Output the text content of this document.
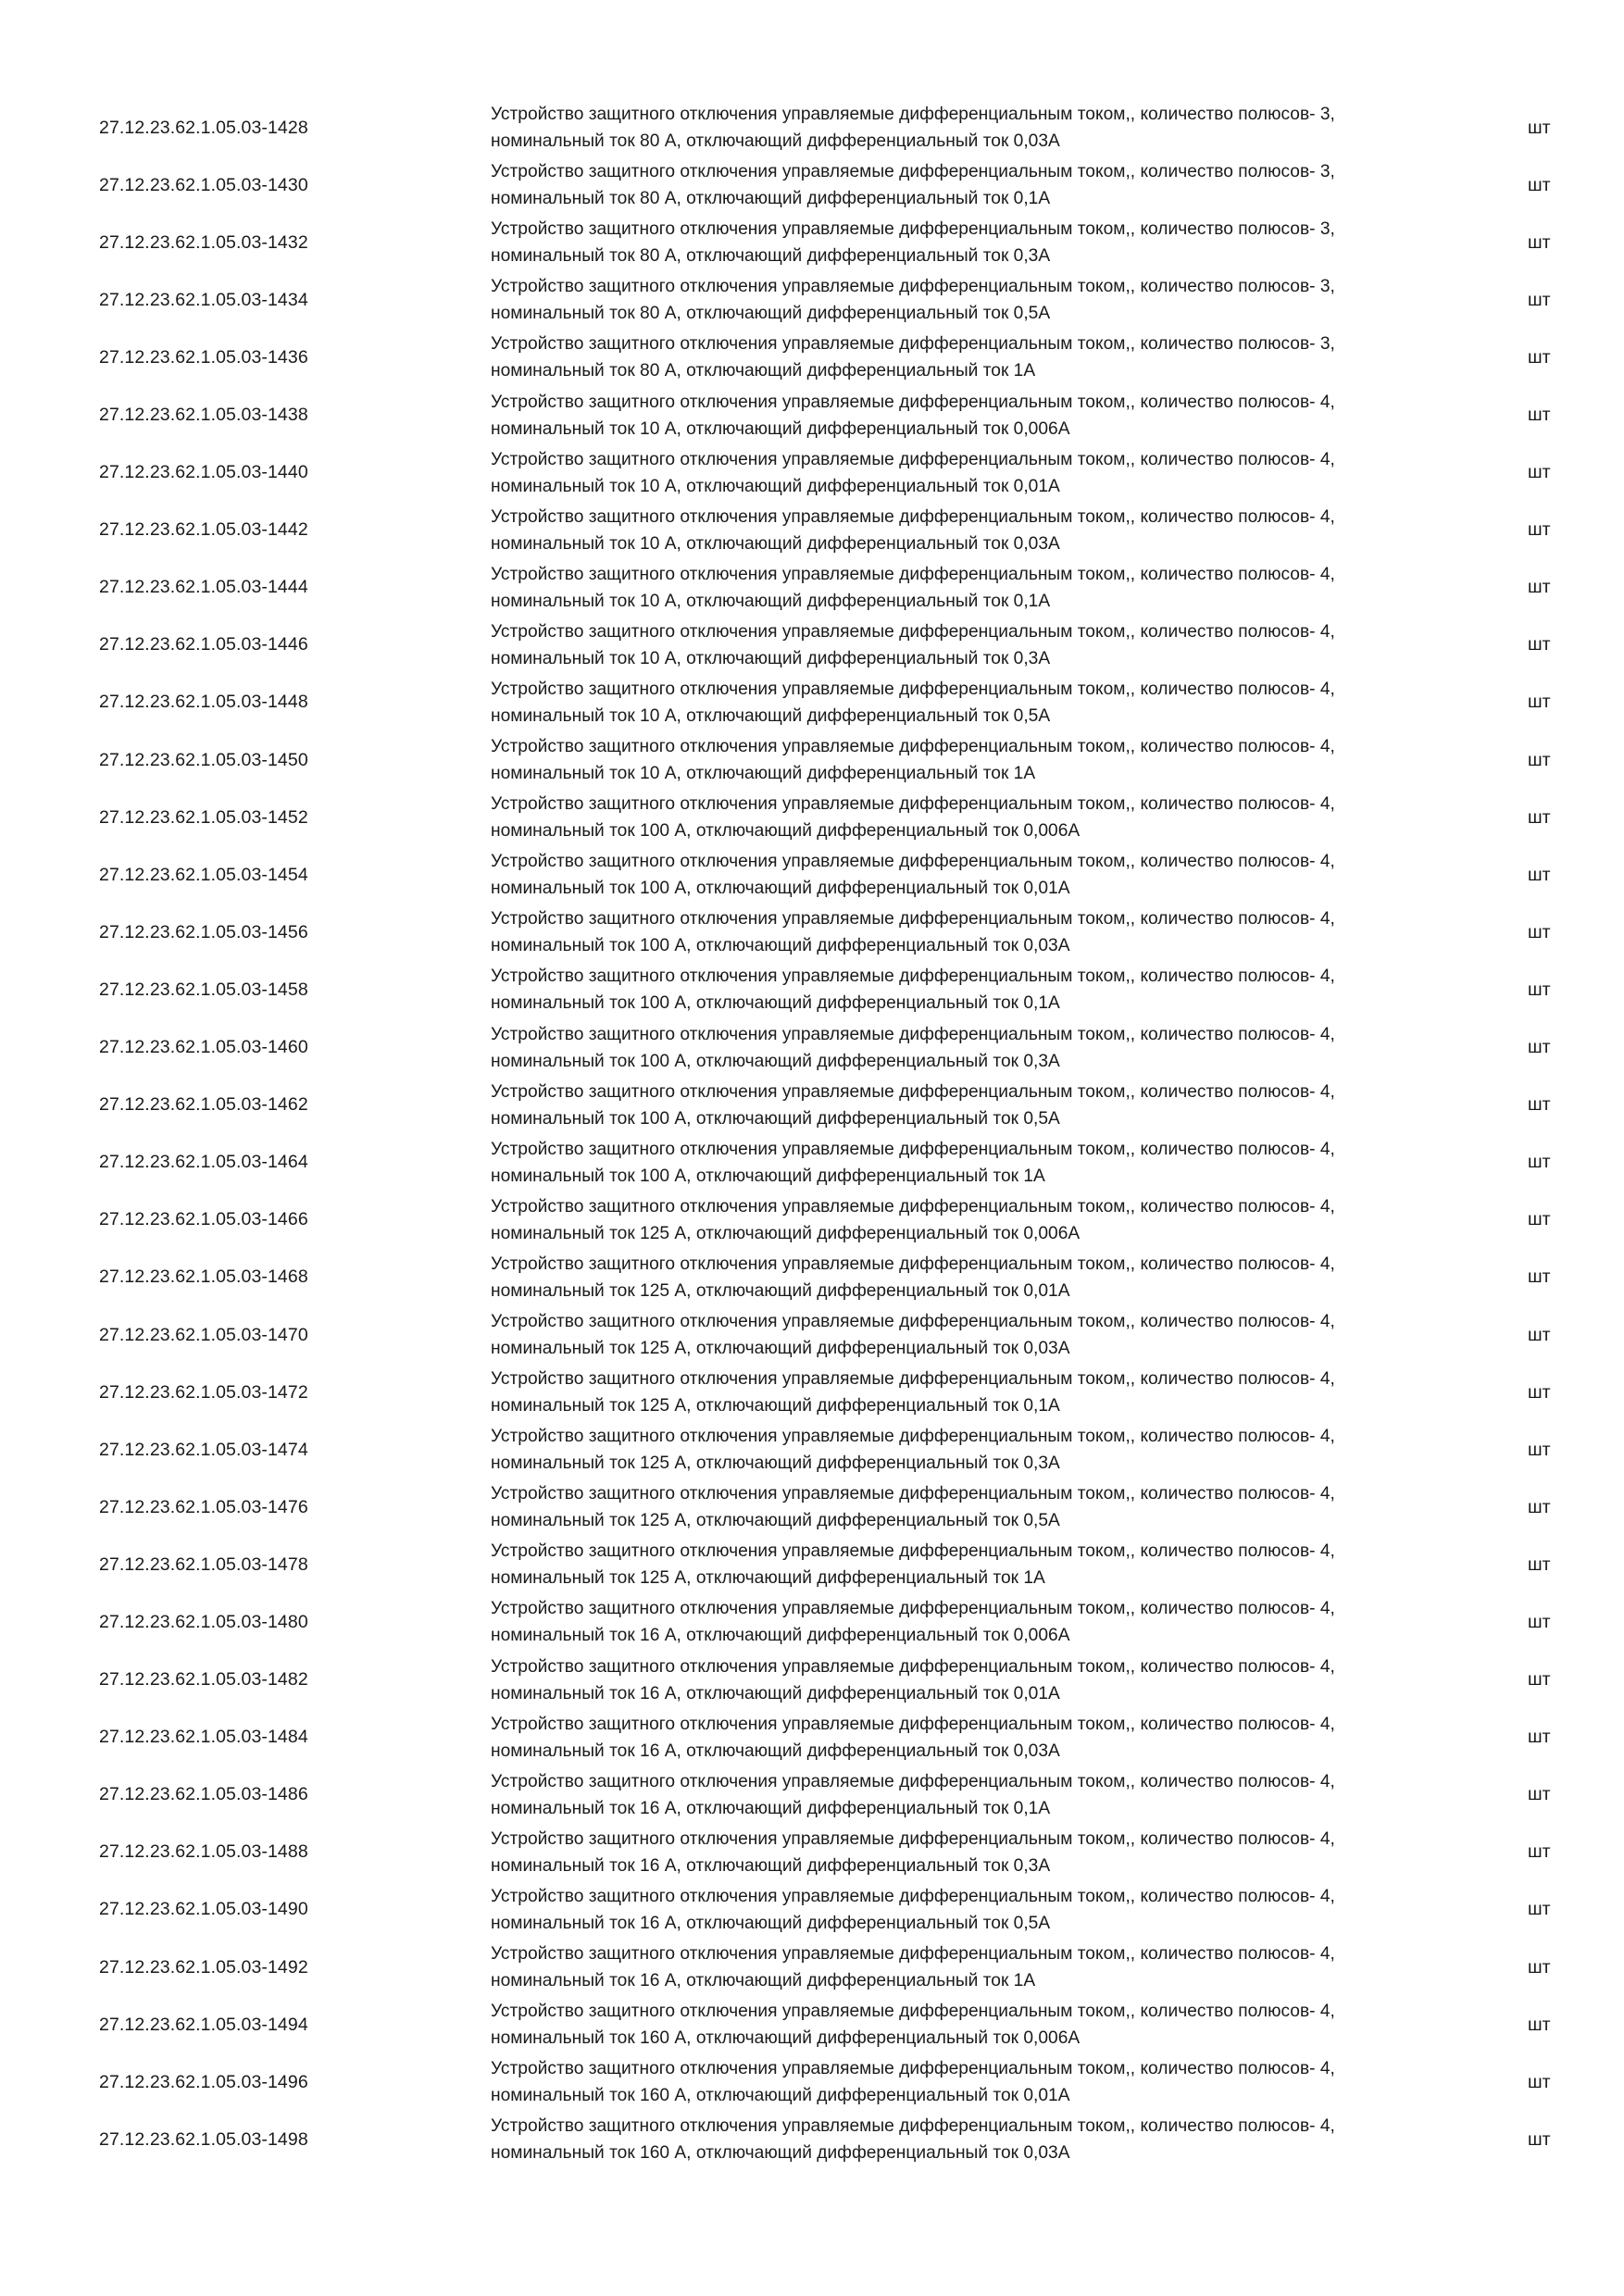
27.12.23.62.1.05.03-1428
Устройство защитного отключения управляемые дифференциальным током,, количество полюсов- 3,
номинальный ток 80 А, отключающий дифференциальный ток 0,03А
шт
27.12.23.62.1.05.03-1430
Устройство защитного отключения управляемые дифференциальным током,, количество полюсов- 3,
номинальный ток 80 А, отключающий дифференциальный ток 0,1А
шт
27.12.23.62.1.05.03-1432
Устройство защитного отключения управляемые дифференциальным током,, количество полюсов- 3,
номинальный ток 80 А, отключающий дифференциальный ток 0,3А
шт
27.12.23.62.1.05.03-1434
Устройство защитного отключения управляемые дифференциальным током,, количество полюсов- 3,
номинальный ток 80 А, отключающий дифференциальный ток 0,5А
шт
27.12.23.62.1.05.03-1436
Устройство защитного отключения управляемые дифференциальным током,, количество полюсов- 3,
номинальный ток 80 А, отключающий дифференциальный ток 1А
шт
27.12.23.62.1.05.03-1438
Устройство защитного отключения управляемые дифференциальным током,, количество полюсов- 4,
номинальный ток 10 А, отключающий дифференциальный ток 0,006А
шт
27.12.23.62.1.05.03-1440
Устройство защитного отключения управляемые дифференциальным током,, количество полюсов- 4,
номинальный ток 10 А, отключающий дифференциальный ток 0,01А
шт
27.12.23.62.1.05.03-1442
Устройство защитного отключения управляемые дифференциальным током,, количество полюсов- 4,
номинальный ток 10 А, отключающий дифференциальный ток 0,03А
шт
27.12.23.62.1.05.03-1444
Устройство защитного отключения управляемые дифференциальным током,, количество полюсов- 4,
номинальный ток 10 А, отключающий дифференциальный ток 0,1А
шт
27.12.23.62.1.05.03-1446
Устройство защитного отключения управляемые дифференциальным током,, количество полюсов- 4,
номинальный ток 10 А, отключающий дифференциальный ток 0,3А
шт
27.12.23.62.1.05.03-1448
Устройство защитного отключения управляемые дифференциальным током,, количество полюсов- 4,
номинальный ток 10 А, отключающий дифференциальный ток 0,5А
шт
27.12.23.62.1.05.03-1450
Устройство защитного отключения управляемые дифференциальным током,, количество полюсов- 4,
номинальный ток 10 А, отключающий дифференциальный ток 1А
шт
27.12.23.62.1.05.03-1452
Устройство защитного отключения управляемые дифференциальным током,, количество полюсов- 4,
номинальный ток 100 А, отключающий дифференциальный ток 0,006А
шт
27.12.23.62.1.05.03-1454
Устройство защитного отключения управляемые дифференциальным током,, количество полюсов- 4,
номинальный ток 100 А, отключающий дифференциальный ток 0,01А
шт
27.12.23.62.1.05.03-1456
Устройство защитного отключения управляемые дифференциальным током,, количество полюсов- 4,
номинальный ток 100 А, отключающий дифференциальный ток 0,03А
шт
27.12.23.62.1.05.03-1458
Устройство защитного отключения управляемые дифференциальным током,, количество полюсов- 4,
номинальный ток 100 А, отключающий дифференциальный ток 0,1А
шт
27.12.23.62.1.05.03-1460
Устройство защитного отключения управляемые дифференциальным током,, количество полюсов- 4,
номинальный ток 100 А, отключающий дифференциальный ток 0,3А
шт
27.12.23.62.1.05.03-1462
Устройство защитного отключения управляемые дифференциальным током,, количество полюсов- 4,
номинальный ток 100 А, отключающий дифференциальный ток 0,5А
шт
27.12.23.62.1.05.03-1464
Устройство защитного отключения управляемые дифференциальным током,, количество полюсов- 4,
номинальный ток 100 А, отключающий дифференциальный ток 1А
шт
27.12.23.62.1.05.03-1466
Устройство защитного отключения управляемые дифференциальным током,, количество полюсов- 4,
номинальный ток 125 А, отключающий дифференциальный ток 0,006А
шт
27.12.23.62.1.05.03-1468
Устройство защитного отключения управляемые дифференциальным током,, количество полюсов- 4,
номинальный ток 125 А, отключающий дифференциальный ток 0,01А
шт
27.12.23.62.1.05.03-1470
Устройство защитного отключения управляемые дифференциальным током,, количество полюсов- 4,
номинальный ток 125 А, отключающий дифференциальный ток 0,03А
шт
27.12.23.62.1.05.03-1472
Устройство защитного отключения управляемые дифференциальным током,, количество полюсов- 4,
номинальный ток 125 А, отключающий дифференциальный ток 0,1А
шт
27.12.23.62.1.05.03-1474
Устройство защитного отключения управляемые дифференциальным током,, количество полюсов- 4,
номинальный ток 125 А, отключающий дифференциальный ток 0,3А
шт
27.12.23.62.1.05.03-1476
Устройство защитного отключения управляемые дифференциальным током,, количество полюсов- 4,
номинальный ток 125 А, отключающий дифференциальный ток 0,5А
шт
27.12.23.62.1.05.03-1478
Устройство защитного отключения управляемые дифференциальным током,, количество полюсов- 4,
номинальный ток 125 А, отключающий дифференциальный ток 1А
шт
27.12.23.62.1.05.03-1480
Устройство защитного отключения управляемые дифференциальным током,, количество полюсов- 4,
номинальный ток 16 А, отключающий дифференциальный ток 0,006А
шт
27.12.23.62.1.05.03-1482
Устройство защитного отключения управляемые дифференциальным током,, количество полюсов- 4,
номинальный ток 16 А, отключающий дифференциальный ток 0,01А
шт
27.12.23.62.1.05.03-1484
Устройство защитного отключения управляемые дифференциальным током,, количество полюсов- 4,
номинальный ток 16 А, отключающий дифференциальный ток 0,03А
шт
27.12.23.62.1.05.03-1486
Устройство защитного отключения управляемые дифференциальным током,, количество полюсов- 4,
номинальный ток 16 А, отключающий дифференциальный ток 0,1А
шт
27.12.23.62.1.05.03-1488
Устройство защитного отключения управляемые дифференциальным током,, количество полюсов- 4,
номинальный ток 16 А, отключающий дифференциальный ток 0,3А
шт
27.12.23.62.1.05.03-1490
Устройство защитного отключения управляемые дифференциальным током,, количество полюсов- 4,
номинальный ток 16 А, отключающий дифференциальный ток 0,5А
шт
27.12.23.62.1.05.03-1492
Устройство защитного отключения управляемые дифференциальным током,, количество полюсов- 4,
номинальный ток 16 А, отключающий дифференциальный ток 1А
шт
27.12.23.62.1.05.03-1494
Устройство защитного отключения управляемые дифференциальным током,, количество полюсов- 4,
номинальный ток 160 А, отключающий дифференциальный ток 0,006А
шт
27.12.23.62.1.05.03-1496
Устройство защитного отключения управляемые дифференциальным током,, количество полюсов- 4,
номинальный ток 160 А, отключающий дифференциальный ток 0,01А
шт
27.12.23.62.1.05.03-1498
Устройство защитного отключения управляемые дифференциальным током,, количество полюсов- 4,
номинальный ток 160 А, отключающий дифференциальный ток 0,03А
шт
